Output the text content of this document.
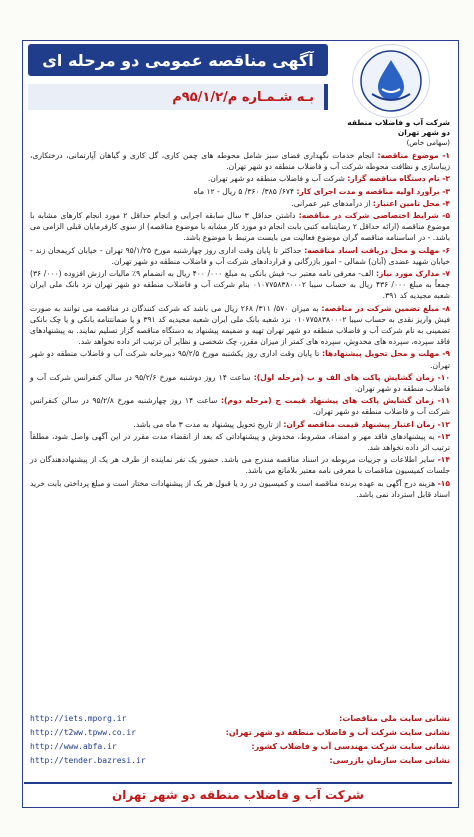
آگهی مناقصه عمومی دو مرحله ای
شرکت آب و فاضلاب منطقه دو شهر تهران
(سهامی خاص)
بـه شـمـاره م/۹۵/۱/۲م
۱- موضوع مناقصه: انجام خدمات نگهداری فضای سبز شامل محوطه های چمن کاری، گل کاری و گیاهان آپارتمانی، درختکاری، زیباسازی و نظافت محوطه شرکت آب و فاضلاب منطقه دو شهر تهران.
۲- نام دستگاه مناقصه گزار: شرکت آب و فاضلاب منطقه دو شهر تهران.
۳- برآورد اولیه مناقصه و مدت اجرای کار: ۶۷۴/ ۳۸۵/ ۳۶۰/ ۵ ریال - ۱۲ ماه
۴- محل تامین اعتبار: از درآمدهای غیر عمرانی.
۵- شرایط اختصاصی شرکت در مناقصه: داشتن حداقل ۳ سال سابقه اجرایی و انجام حداقل ۲ مورد انجام کارهای مشابه با موضوع مناقصه (ارائه حداقل ۲ رضایتنامه کتبی بابت انجام دو مورد کار مشابه با موضوع مناقصه) از سوی کارفرمایان قبلی الزامی می باشد. - در اساسنامه مناقصه گران موضوع فعالیت می بایست مرتبط با موضوع باشد.
۶- مهلت و محل دریافت اسناد مناقصه: حداکثر تا پایان وقت اداری روز چهارشنبه مورخ ۹۵/۱/۲۵ تهران - خیابان کریمخان زند - خیابان شهید عضدی (آبان) شمالی - امور بازرگانی و قراردادهای شرکت آب و فاضلاب منطقه دو شهر تهران.
۷- مدارک مورد نیاز: الف- معرفی نامه معتبر ب- فیش بانکی به مبلغ ۰۰۰/ ۴۰۰ ریال به انضمام ۹٪ مالیات ارزش افزوده (۰۰۰/ ۳۶) جمعاً به مبلغ ۰۰۰/ ۴۳۶ ریال به حساب سیبا ۰۱۰۷۷۵۸۳۸۰۰۰۲ بنام شرکت آب و فاضلاب منطقه دو شهر تهران نزد بانک ملی ایران شعبه مجیدیه کد ۳۹۱.
۸- مبلغ تضمین شرکت در مناقصه: به میزان ۵۷۰/ ۳۱۱/ ۲۶۸ ریال می باشد که شرکت کنندگان در مناقصه می توانند به صورت فیش واریز نقدی به حساب سیبا ۰۱۰۷۷۵۸۳۸۰۰۰۲ نزد شعبه بانک ملی ایران شعبه مجیدیه کد ۳۹۱ و یا ضمانتنامه بانکی و یا چک بانکی تضمینی به نام شرکت آب و فاضلاب منطقه دو شهر تهران تهیه و ضمیمه پیشنهاد به دستگاه مناقصه گزار تسلیم نمایند. به پیشنهادهای فاقد سپرده، سپرده های مخدوش، سپرده های کمتر از میزان مقرر، چک شخصی و نظایر آن ترتیب اثر داده نخواهد شد.
۹- مهلت و محل تحویل پیشنهادها: تا پایان وقت اداری روز یکشنبه مورخ ۹۵/۲/۵ دبیرخانه شرکت آب و فاضلاب منطقه دو شهر تهران.
۱۰- زمان گشایش پاکت های الف و ب (مرحله اول): ساعت ۱۴ روز دوشنبه مورخ ۹۵/۲/۶ در سالن کنفرانس شرکت آب و فاضلاب منطقه دو شهر تهران.
۱۱- زمان گشایش پاکت های پیشنهاد قیمت ج (مرحله دوم): ساعت ۱۴ روز چهارشنبه مورخ ۹۵/۲/۸ در سالن کنفرانس شرکت آب و فاضلاب منطقه دو شهر تهران.
۱۲- زمان اعتبار پیشنهاد قیمت مناقصه گران: از تاریخ تحویل پیشنهاد به مدت ۳ ماه می باشد.
۱۳- به پیشنهادهای فاقد مهر و امضاء، مشروط، مخدوش و پیشنهاداتی که بعد از انقضاء مدت مقرر در این آگهی واصل شود، مطلقاً ترتیب اثر داده نخواهد شد.
۱۴- سایر اطلاعات و جزییات مربوطه در اسناد مناقصه مندرج می باشد. حضور یک نفر نماینده از طرف هر یک از پیشنهاددهندگان در جلسات کمیسیون مناقصات با معرفی نامه معتبر بلامانع می باشد.
۱۵- هزینه درج آگهی به عهده برنده مناقصه است و کمیسیون در رد یا قبول هر یک از پیشنهادات مختار است و مبلغ پرداختی بابت خرید اسناد قابل استرداد نمی باشد.
نشانی سایت ملی مناقصات:
http://iets.mporg.ir
نشانی سایت شرکت آب و فاضلاب منطقه دو شهر تهران:
http://t2ww.tpww.co.ir
نشانی سایت شرکت مهندسی آب و فاضلاب کشور:
http://www.abfa.ir
نشانی سایت سازمان بازرسی:
http://tender.bazresi.ir
شرکت آب و فاضلاب منطقه دو شهر تهران
